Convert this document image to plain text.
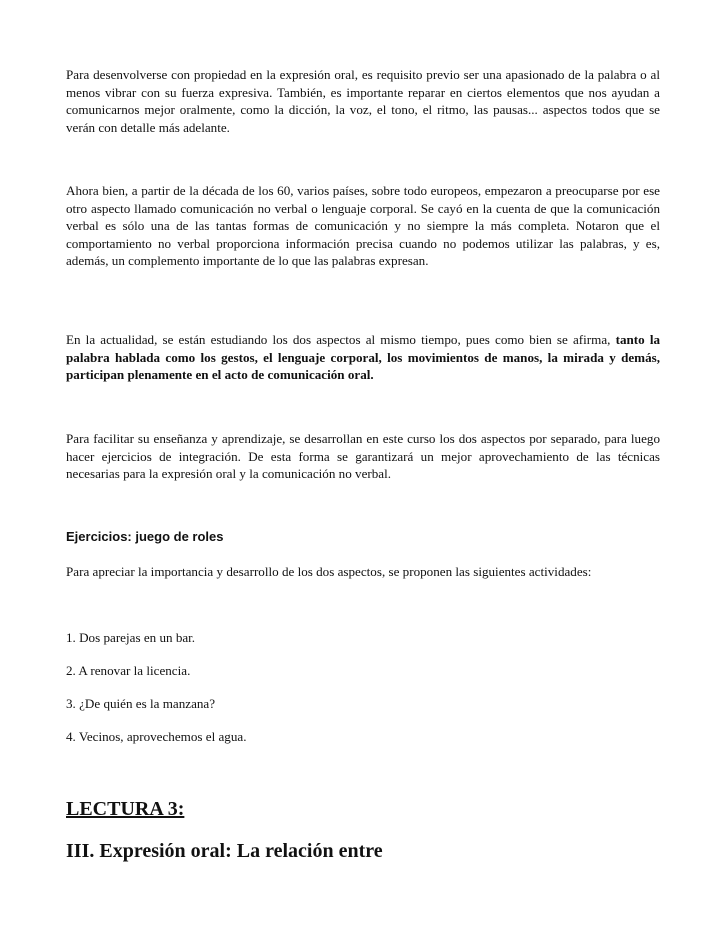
Para desenvolverse con propiedad en la expresión oral, es requisito previo ser una apasionado de la palabra o al menos vibrar con su fuerza expresiva. También, es importante reparar en ciertos elementos que nos ayudan a comunicarnos mejor oralmente, como la dicción, la voz, el tono, el ritmo, las pausas... aspectos todos que se verán con detalle más adelante.

Ahora bien, a partir de la década de los 60, varios países, sobre todo europeos, empezaron a preocuparse por ese otro aspecto llamado comunicación no verbal o lenguaje corporal. Se cayó en la cuenta de que la comunicación verbal es sólo una de las tantas formas de comunicación y no siempre la más completa. Notaron que el comportamiento no verbal proporciona información precisa cuando no podemos utilizar las palabras, y es, además, un complemento importante de lo que las palabras expresan.

En la actualidad, se están estudiando los dos aspectos al mismo tiempo, pues como bien se afirma, tanto la palabra hablada como los gestos, el lenguaje corporal, los movimientos de manos, la mirada y demás, participan plenamente en el acto de comunicación oral.

Para facilitar su enseñanza y aprendizaje, se desarrollan en este curso los dos aspectos por separado, para luego hacer ejercicios de integración. De esta forma se garantizará un mejor aprovechamiento de las técnicas necesarias para la expresión oral y la comunicación no verbal.

Ejercicios: juego de roles

Para apreciar la importancia y desarrollo de los dos aspectos, se proponen las siguientes actividades:

1. Dos parejas en un bar.

2. A renovar la licencia.

3. ¿De quién es la manzana?

4. Vecinos, aprovechemos el agua.

LECTURA 3:

III. Expresión oral: La relación entre
